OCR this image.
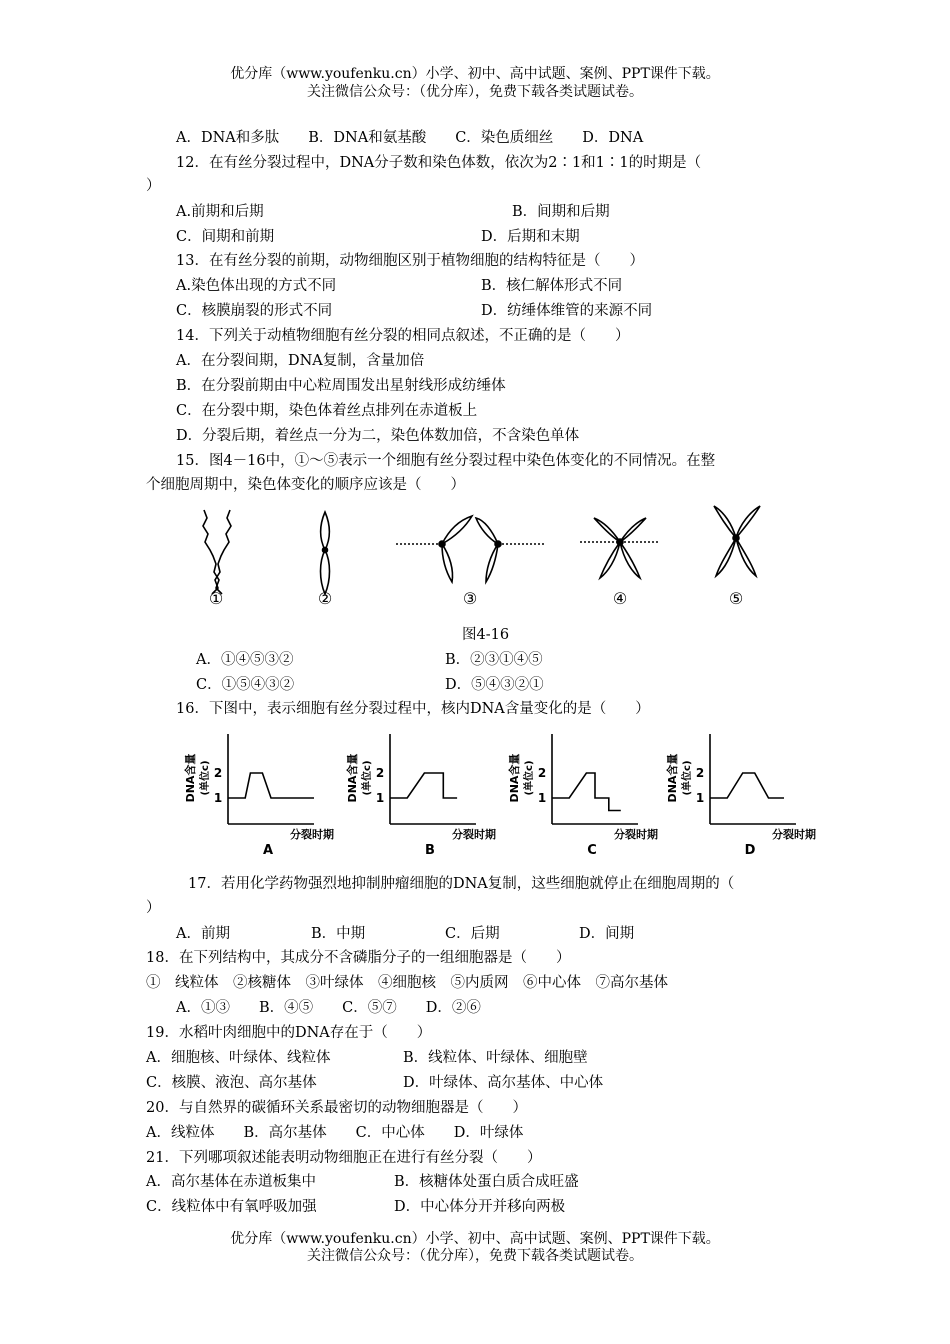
优分库（www.youfenku.cn）小学、初中、高中试题、案例、PPT课件下载。
关注微信公众号：（优分库），免费下载各类试题试卷。
A．DNA和多肽　　B．DNA和氨基酸　　C．染色质细丝　　D．DNA
12．在有丝分裂过程中，DNA分子数和染色体数，依次为2∶1和1∶1的时期是（
）
A.前期和后期	B．间期和后期
C．间期和前期	D．后期和末期
13．在有丝分裂的前期，动物细胞区别于植物细胞的结构特征是（　　）
A.染色体出现的方式不同	B．核仁解体形式不同
C．核膜崩裂的形式不同	D．纺缍体维管的来源不同
14．下列关于动植物细胞有丝分裂的相同点叙述，不正确的是（　　）
A．在分裂间期，DNA复制，含量加倍
B．在分裂前期由中心粒周围发出星射线形成纺缍体
C．在分裂中期，染色体着丝点排列在赤道板上
D．分裂后期，着丝点一分为二，染色体数加倍，不含染色单体
15．图4－16中，①～⑤表示一个细胞有丝分裂过程中染色体变化的不同情况。在整
个细胞周期中，染色体变化的顺序应该是（　　）
①	②	③	④	⑤
图4-16
A．①④⑤③②	B．②③①④⑤
C．①⑤④③②	D．⑤④③②①
16．下图中，表示细胞有丝分裂过程中，核内DNA含量变化的是（　　）
DNA含量 (单位c)
1
2
分裂时期
A
DNA含量 (单位c)
1
2
分裂时期
B
DNA含量 (单位c)
1
2
分裂时期
C
DNA含量 (单位c)
1
2
分裂时期
D
17．若用化学药物强烈地抑制肿瘤细胞的DNA复制，这些细胞就停止在细胞周期的（
）
A．前期	B．中期	C．后期	D．间期
18．在下列结构中，其成分不含磷脂分子的一组细胞器是（　　）
①　线粒体　②核糖体　③叶绿体　④细胞核　⑤内质网　⑥中心体　⑦高尔基体
A．①③　　B．④⑤　　C．⑤⑦　　D．②⑥
19．水稻叶肉细胞中的DNA存在于（　　）
A．细胞核、叶绿体、线粒体	B．线粒体、叶绿体、细胞壁
C．核膜、液泡、高尔基体	D．叶绿体、高尔基体、中心体
20．与自然界的碳循环关系最密切的动物细胞器是（　　）
A．线粒体　　B．高尔基体　　C．中心体　　D．叶绿体
21．下列哪项叙述能表明动物细胞正在进行有丝分裂（　　）
A．高尔基体在赤道板集中	B．核糖体处蛋白质合成旺盛
C．线粒体中有氧呼吸加强	D．中心体分开并移向两极
优分库（www.youfenku.cn）小学、初中、高中试题、案例、PPT课件下载。
关注微信公众号：（优分库），免费下载各类试题试卷。
